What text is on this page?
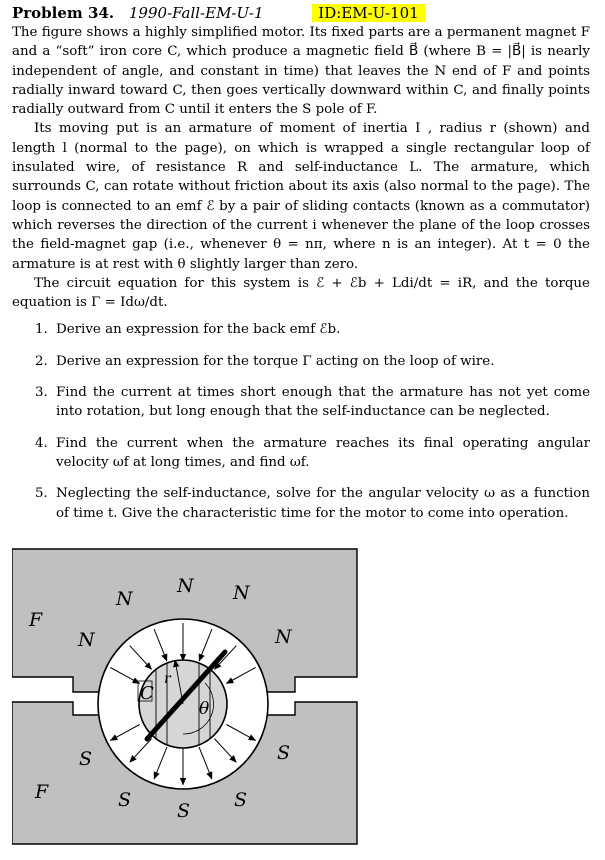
Problem 34. 1990-Fall-EM-U-1	ID:EM-U-101

The figure shows a highly simplified motor. Its fixed parts are a permanent magnet F and a “soft” iron core C, which produce a magnetic field B⃗ (where B = |B⃗| is nearly independent of angle, and constant in time) that leaves the N end of F and points radially inward toward C, then goes vertically downward within C, and finally points radially outward from C until it enters the S pole of F.

Its moving put is an armature of moment of inertia I , radius r (shown) and length l (normal to the page), on which is wrapped a single rectangular loop of insulated wire, of resistance R and self-inductance L. The armature, which surrounds C, can rotate without friction about its axis (also normal to the page). The loop is connected to an emf ℰ by a pair of sliding contacts (known as a commutator) which reverses the direction of the current i whenever the plane of the loop crosses the field-magnet gap (i.e., whenever θ = nπ, where n is an integer). At t = 0 the armature is at rest with θ slightly larger than zero.

The circuit equation for this system is ℰ + ℰb + Ldi/dt = iR, and the torque equation is Γ = Idω/dt.

1. Derive an expression for the back emf ℰb.
2. Derive an expression for the torque Γ acting on the loop of wire.
3. Find the current at times short enough that the armature has not yet come into rotation, but long enough that the self-inductance can be neglected.
4. Find the current when the armature reaches its final operating angular velocity ωf at long times, and find ωf.
5. Neglecting the self-inductance, solve for the angular velocity ω as a function of time t. Give the characteristic time for the motor to come into operation.
F
F
N
N N
N	N
S	S
S S S
C
r
θ
